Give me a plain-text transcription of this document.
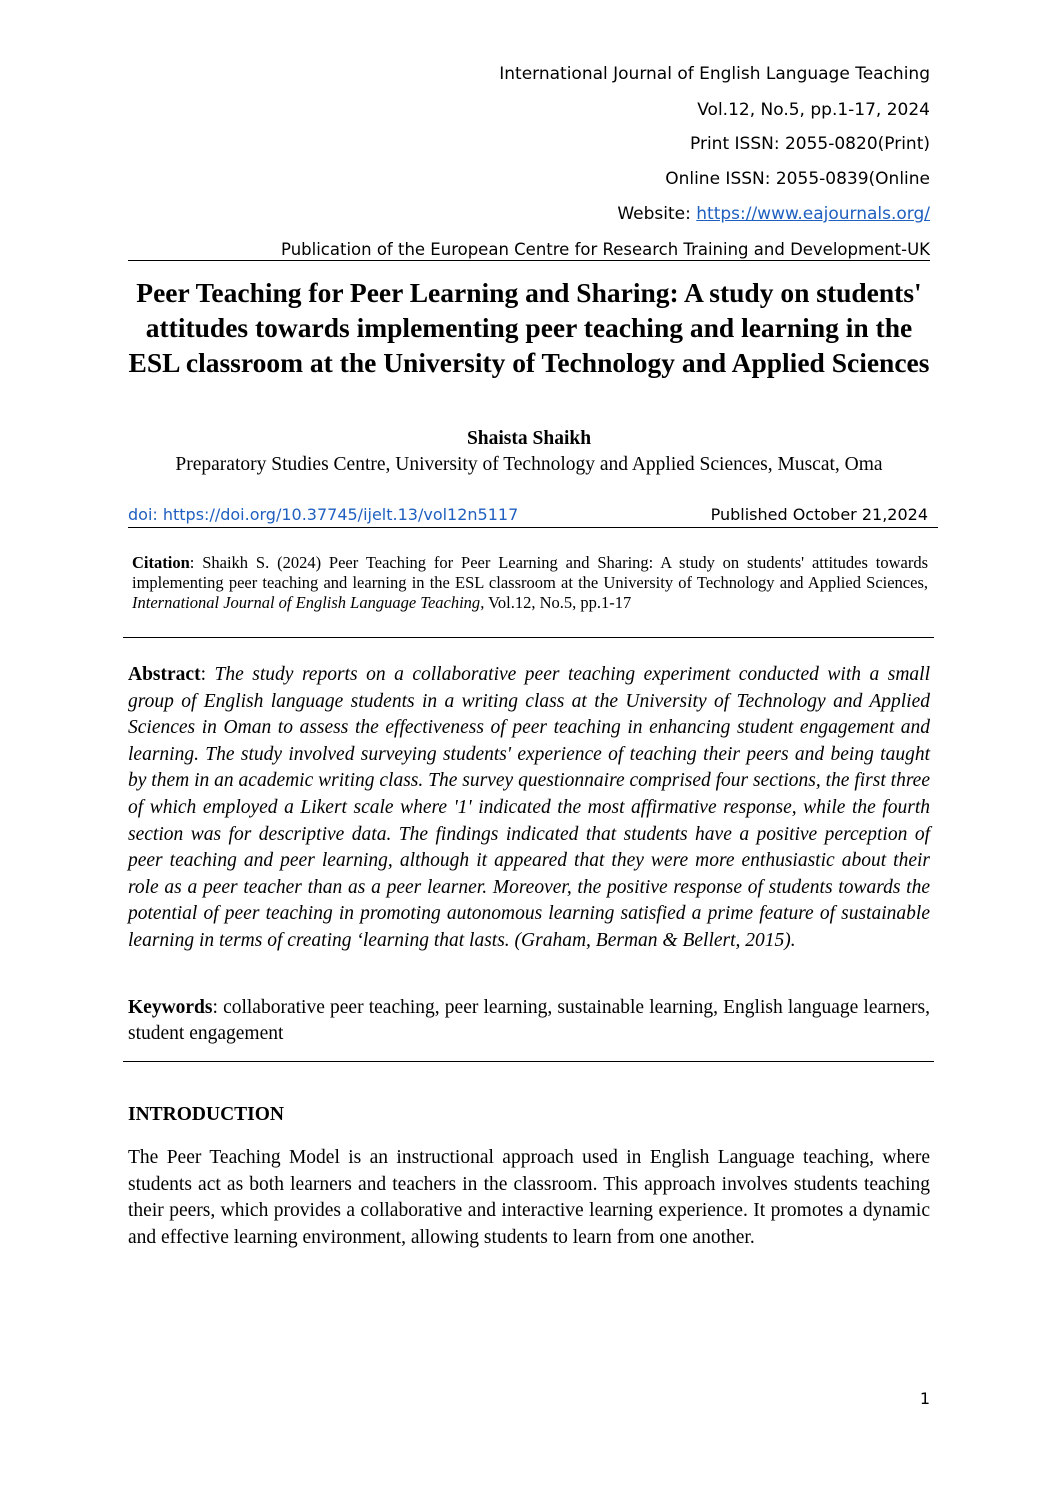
International Journal of English Language Teaching
Vol.12, No.5, pp.1-17, 2024
Print ISSN: 2055-0820(Print)
Online ISSN: 2055-0839(Online
Website: https://www.eajournals.org/
Publication of the European Centre for Research Training and Development-UK
Peer Teaching for Peer Learning and Sharing: A study on students' attitudes towards implementing peer teaching and learning in the ESL classroom at the University of Technology and Applied Sciences
Shaista Shaikh
Preparatory Studies Centre, University of Technology and Applied Sciences, Muscat, Oma
doi: https://doi.org/10.37745/ijelt.13/vol12n5117	Published October 21,2024
Citation: Shaikh S. (2024) Peer Teaching for Peer Learning and Sharing: A study on students' attitudes towards implementing peer teaching and learning in the ESL classroom at the University of Technology and Applied Sciences, International Journal of English Language Teaching, Vol.12, No.5, pp.1-17
Abstract: The study reports on a collaborative peer teaching experiment conducted with a small group of English language students in a writing class at the University of Technology and Applied Sciences in Oman to assess the effectiveness of peer teaching in enhancing student engagement and learning. The study involved surveying students' experience of teaching their peers and being taught by them in an academic writing class. The survey questionnaire comprised four sections, the first three of which employed a Likert scale where '1' indicated the most affirmative response, while the fourth section was for descriptive data. The findings indicated that students have a positive perception of peer teaching and peer learning, although it appeared that they were more enthusiastic about their role as a peer teacher than as a peer learner. Moreover, the positive response of students towards the potential of peer teaching in promoting autonomous learning satisfied a prime feature of sustainable learning in terms of creating ‘learning that lasts. (Graham, Berman & Bellert, 2015).
Keywords: collaborative peer teaching, peer learning, sustainable learning, English language learners, student engagement
INTRODUCTION
The Peer Teaching Model is an instructional approach used in English Language teaching, where students act as both learners and teachers in the classroom. This approach involves students teaching their peers, which provides a collaborative and interactive learning experience. It promotes a dynamic and effective learning environment, allowing students to learn from one another.
1
